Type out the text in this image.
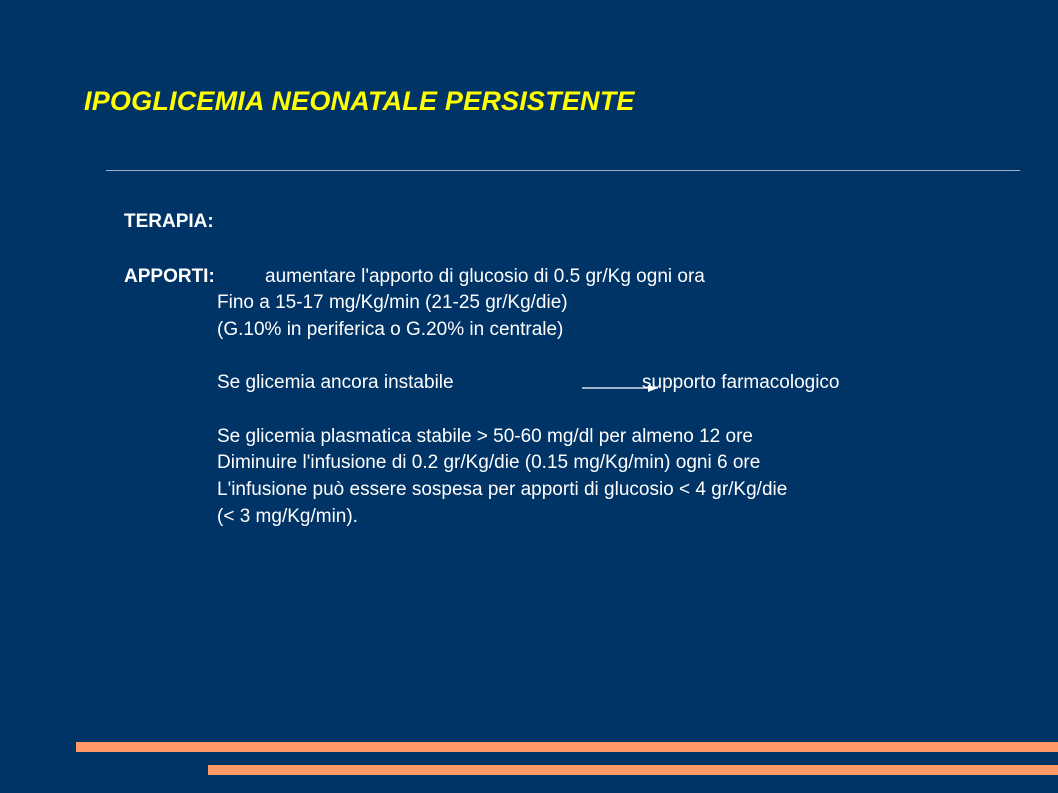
IPOGLICEMIA NEONATALE PERSISTENTE
TERAPIA:
APPORTI:	aumentare l'apporto di glucosio di 0.5 gr/Kg ogni ora
Fino a 15-17 mg/Kg/min (21-25 gr/Kg/die)
(G.10% in periferica o G.20% in centrale)
Se glicemia ancora instabile	supporto farmacologico
Se glicemia plasmatica stabile > 50-60 mg/dl per almeno 12 ore
Diminuire l'infusione di 0.2 gr/Kg/die (0.15 mg/Kg/min) ogni 6 ore
L'infusione può essere sospesa per apporti di glucosio < 4 gr/Kg/die
(< 3 mg/Kg/min).
